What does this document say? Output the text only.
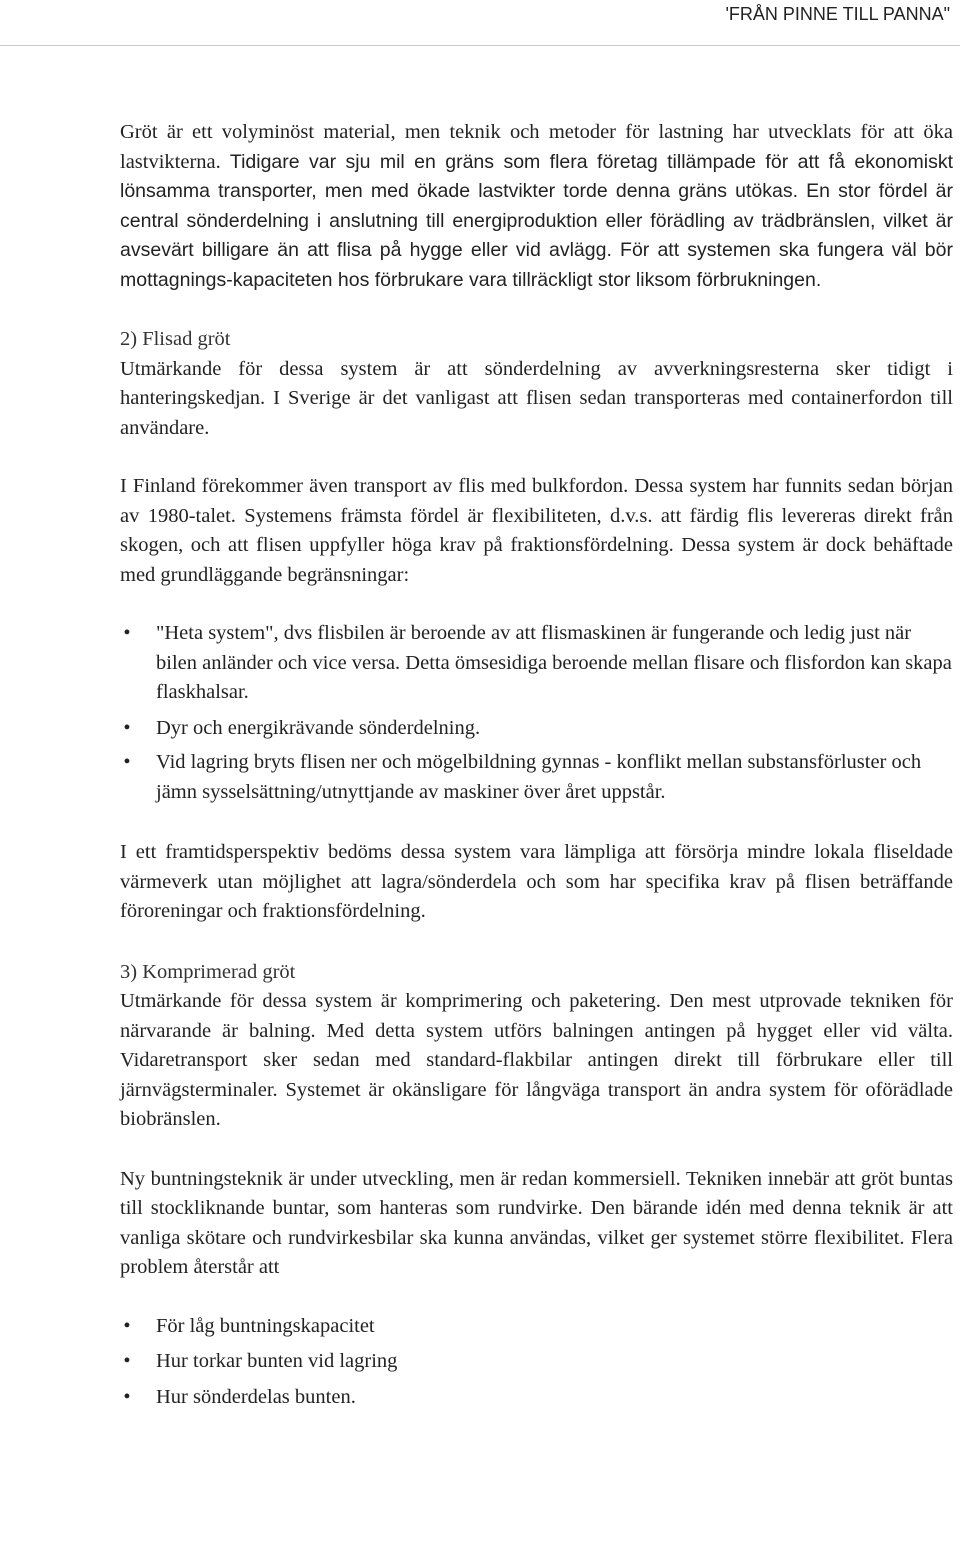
'FRÅN PINNE TILL PANNA"

Gröt är ett volyminöst material, men teknik och metoder för lastning har utvecklats för att öka lastvikterna. Tidigare var sju mil en gräns som flera företag tillämpade för att få ekonomiskt lönsamma transporter, men med ökade lastvikter torde denna gräns utökas. En stor fördel är central sönderdelning i anslutning till energiproduktion eller förädling av trädbränslen, vilket är avsevärt billigare än att flisa på hygge eller vid avlägg. För att systemen ska fungera väl bör mottagnings-kapaciteten hos förbrukare vara tillräckligt stor liksom förbrukningen.

2) Flisad gröt

Utmärkande för dessa system är att sönderdelning av avverkningsresterna sker tidigt i hanteringskedjan. I Sverige är det vanligast att flisen sedan transporteras med containerfordon till användare.

I Finland förekommer även transport av flis med bulkfordon. Dessa system har funnits sedan början av 1980-talet. Systemens främsta fördel är flexibiliteten, d.v.s. att färdig flis levereras direkt från skogen, och att flisen uppfyller höga krav på fraktionsfördelning. Dessa system är dock behäftade med grundläggande begränsningar:

• "Heta system", dvs flisbilen är beroende av att flismaskinen är fungerande och ledig just när bilen anländer och vice versa. Detta ömsesidiga beroende mellan flisare och flisfordon kan skapa flaskhalsar.
• Dyr och energikrävande sönderdelning.
• Vid lagring bryts flisen ner och mögelbildning gynnas - konflikt mellan substansförluster och jämn sysselsättning/utnyttjande av maskiner över året uppstår.

I ett framtidsperspektiv bedöms dessa system vara lämpliga att försörja mindre lokala fliseldade värmeverk utan möjlighet att lagra/sönderdela och som har specifika krav på flisen beträffande föroreningar och fraktionsfördelning.

3) Komprimerad gröt

Utmärkande för dessa system är komprimering och paketering. Den mest utprovade tekniken för närvarande är balning. Med detta system utförs balningen antingen på hygget eller vid välta. Vidaretransport sker sedan med standard-flakbilar antingen direkt till förbrukare eller till järnvägsterminaler. Systemet är okänsligare för långväga transport än andra system för oförädlade biobränslen.

Ny buntningsteknik är under utveckling, men är redan kommersiell. Tekniken innebär att gröt buntas till stockliknande buntar, som hanteras som rundvirke. Den bärande idén med denna teknik är att vanliga skötare och rundvirkesbilar ska kunna användas, vilket ger systemet större flexibilitet. Flera problem återstår att

• För låg buntningskapacitet
• Hur torkar bunten vid lagring
• Hur sönderdelas bunten.
